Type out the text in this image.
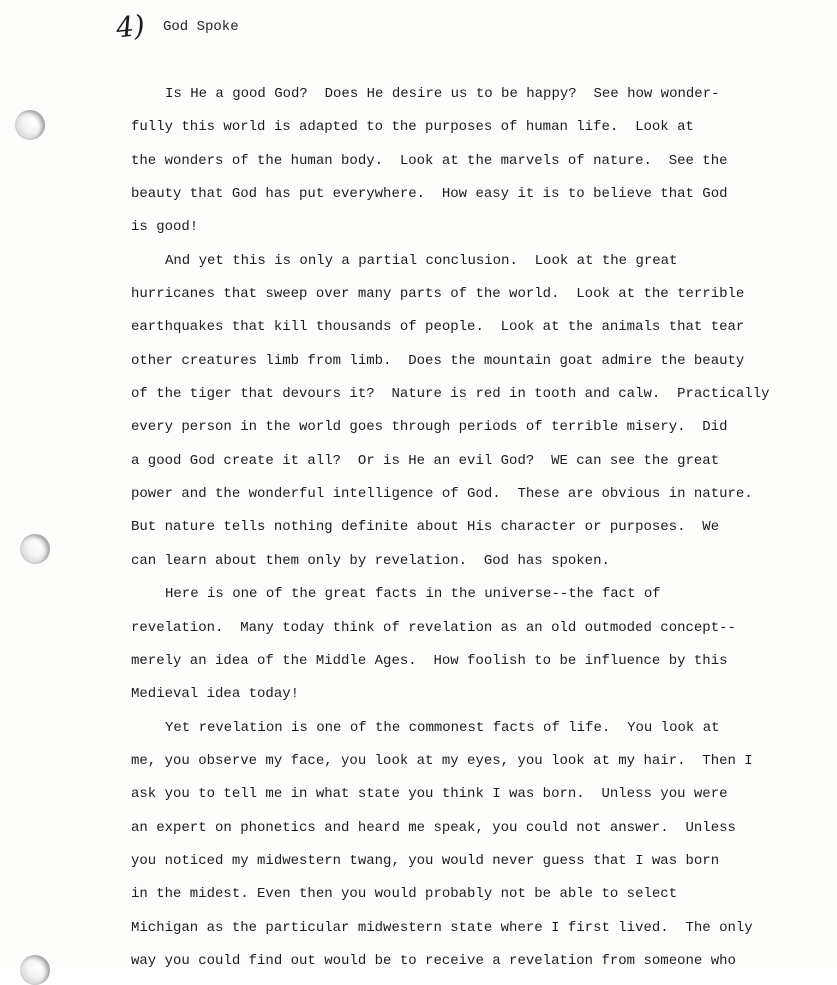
4) God Spoke
Is He a good God?  Does He desire us to be happy?  See how wonder-
fully this world is adapted to the purposes of human life.  Look at
the wonders of the human body.  Look at the marvels of nature.  See the
beauty that God has put everywhere.  How easy it is to believe that God
is good!
And yet this is only a partial conclusion.  Look at the great
hurricanes that sweep over many parts of the world.  Look at the terrible
earthquakes that kill thousands of people.  Look at the animals that tear
other creatures limb from limb.  Does the mountain goat admire the beauty
of the tiger that devours it?  Nature is red in tooth and calw.  Practically
every person in the world goes through periods of terrible misery.  Did
a good God create it all?  Or is He an evil God?  WE can see the great
power and the wonderful intelligence of God.  These are obvious in nature.
But nature tells nothing definite about His character or purposes.  We
can learn about them only by revelation.  God has spoken.
Here is one of the great facts in the universe--the fact of
revelation.  Many today think of revelation as an old outmoded concept--
merely an idea of the Middle Ages.  How foolish to be influence by this
Medieval idea today!
Yet revelation is one of the commonest facts of life.  You look at
me, you observe my face, you look at my eyes, you look at my hair.  Then I
ask you to tell me in what state you think I was born.  Unless you were
an expert on phonetics and heard me speak, you could not answer.  Unless
you noticed my midwestern twang, you would never guess that I was born
in the midest. Even then you would probably not be able to select
Michigan as the particular midwestern state where I first lived.  The only
way you could find out would be to receive a revelation from someone who
